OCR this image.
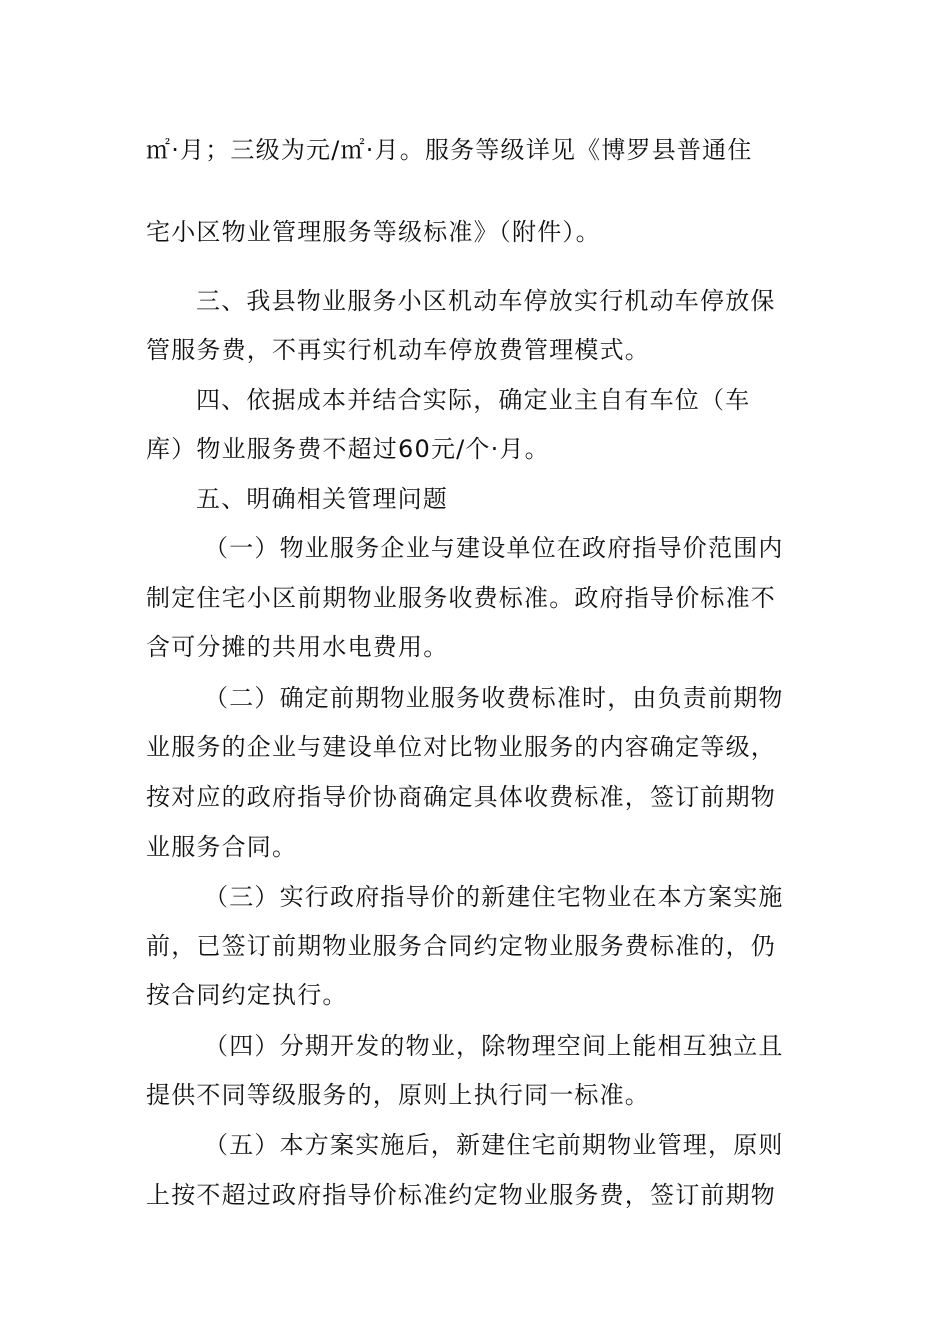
㎡·月；三级为元/㎡·月。服务等级详见《博罗县普通住
宅小区物业管理服务等级标准》（附件）。
三、我县物业服务小区机动车停放实行机动车停放保
管服务费，不再实行机动车停放费管理模式。
四、依据成本并结合实际，确定业主自有车位（车
库）物业服务费不超过60元/个·月。
五、明确相关管理问题
（一）物业服务企业与建设单位在政府指导价范围内
制定住宅小区前期物业服务收费标准。政府指导价标准不
含可分摊的共用水电费用。
（二）确定前期物业服务收费标准时，由负责前期物
业服务的企业与建设单位对比物业服务的内容确定等级，
按对应的政府指导价协商确定具体收费标准，签订前期物
业服务合同。
（三）实行政府指导价的新建住宅物业在本方案实施
前，已签订前期物业服务合同约定物业服务费标准的，仍
按合同约定执行。
（四）分期开发的物业，除物理空间上能相互独立且
提供不同等级服务的，原则上执行同一标准。
（五）本方案实施后，新建住宅前期物业管理，原则
上按不超过政府指导价标准约定物业服务费，签订前期物
